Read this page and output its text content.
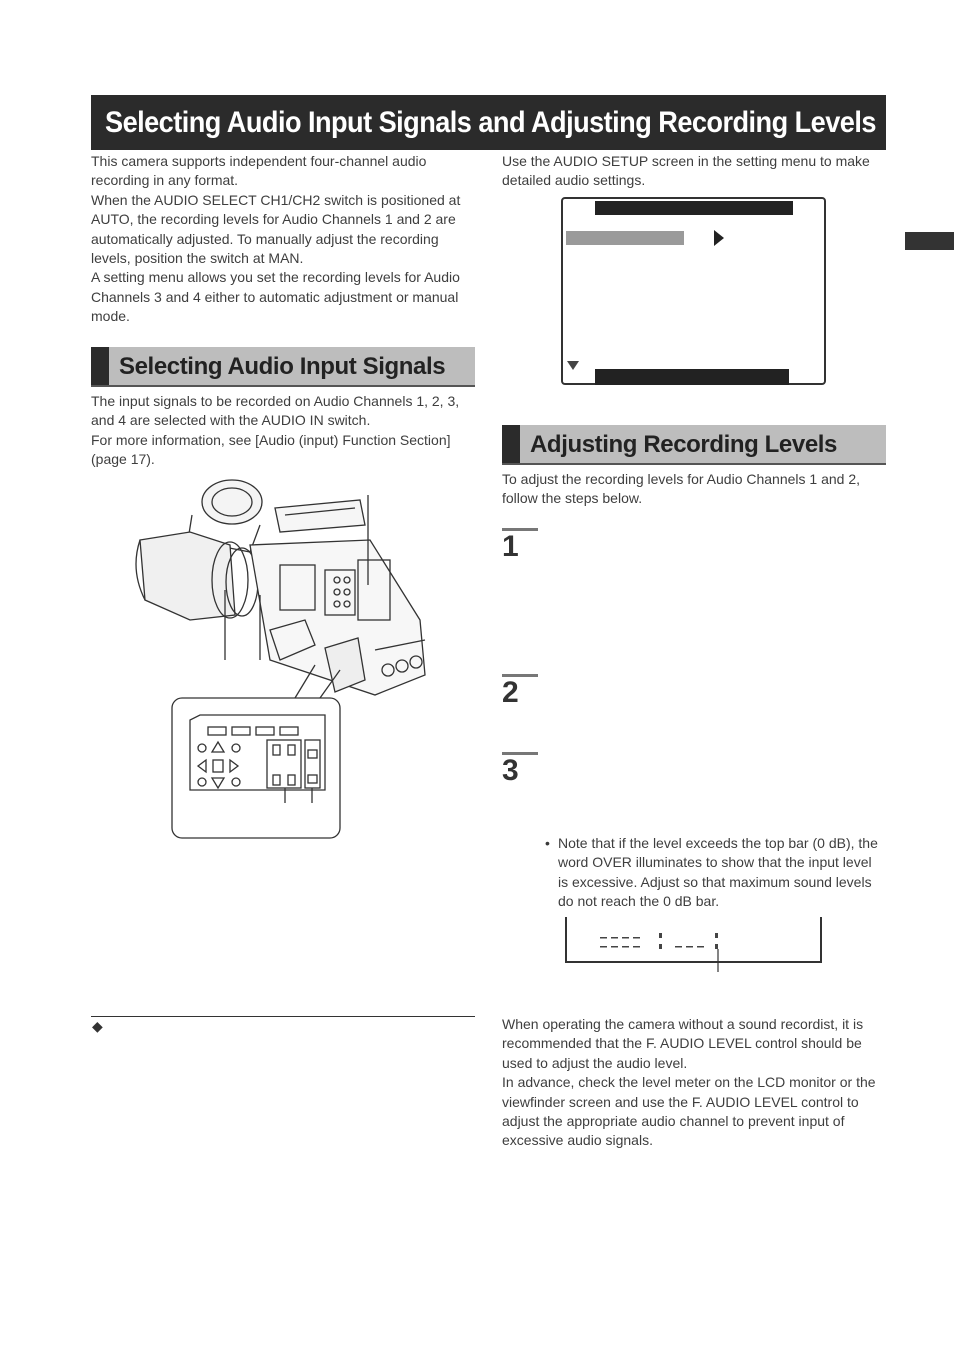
Selecting Audio Input Signals and Adjusting Recording Levels

This camera supports independent four-channel audio recording in any format.

When the AUDIO SELECT CH1/CH2 switch is positioned at AUTO, the recording levels for Audio Channels 1 and 2 are automatically adjusted. To manually adjust the recording levels, position the switch at MAN.

A setting menu allows you set the recording levels for Audio Channels 3 and 4 either to automatic adjustment or manual mode.

Use the AUDIO SETUP screen in the setting menu to make detailed audio settings.

Selecting Audio Input Signals

The input signals to be recorded on Audio Channels 1, 2, 3, and 4 are selected with the AUDIO IN switch.

For more information, see [Audio (input) Function Section] (page 17).

Adjusting Recording Levels

To adjust the recording levels for Audio Channels 1 and 2, follow the steps below.

1
2
3
• Note that if the level exceeds the top bar (0 dB), the word OVER illuminates to show that the input level is excessive. Adjust so that maximum sound levels do not reach the 0 dB bar.

◆	When operating the camera without a sound recordist, it is recommended that the F. AUDIO LEVEL control should be used to adjust the audio level.

In advance, check the level meter on the LCD monitor or the viewfinder screen and use the F. AUDIO LEVEL control to adjust the appropriate audio channel to prevent input of excessive audio signals.
